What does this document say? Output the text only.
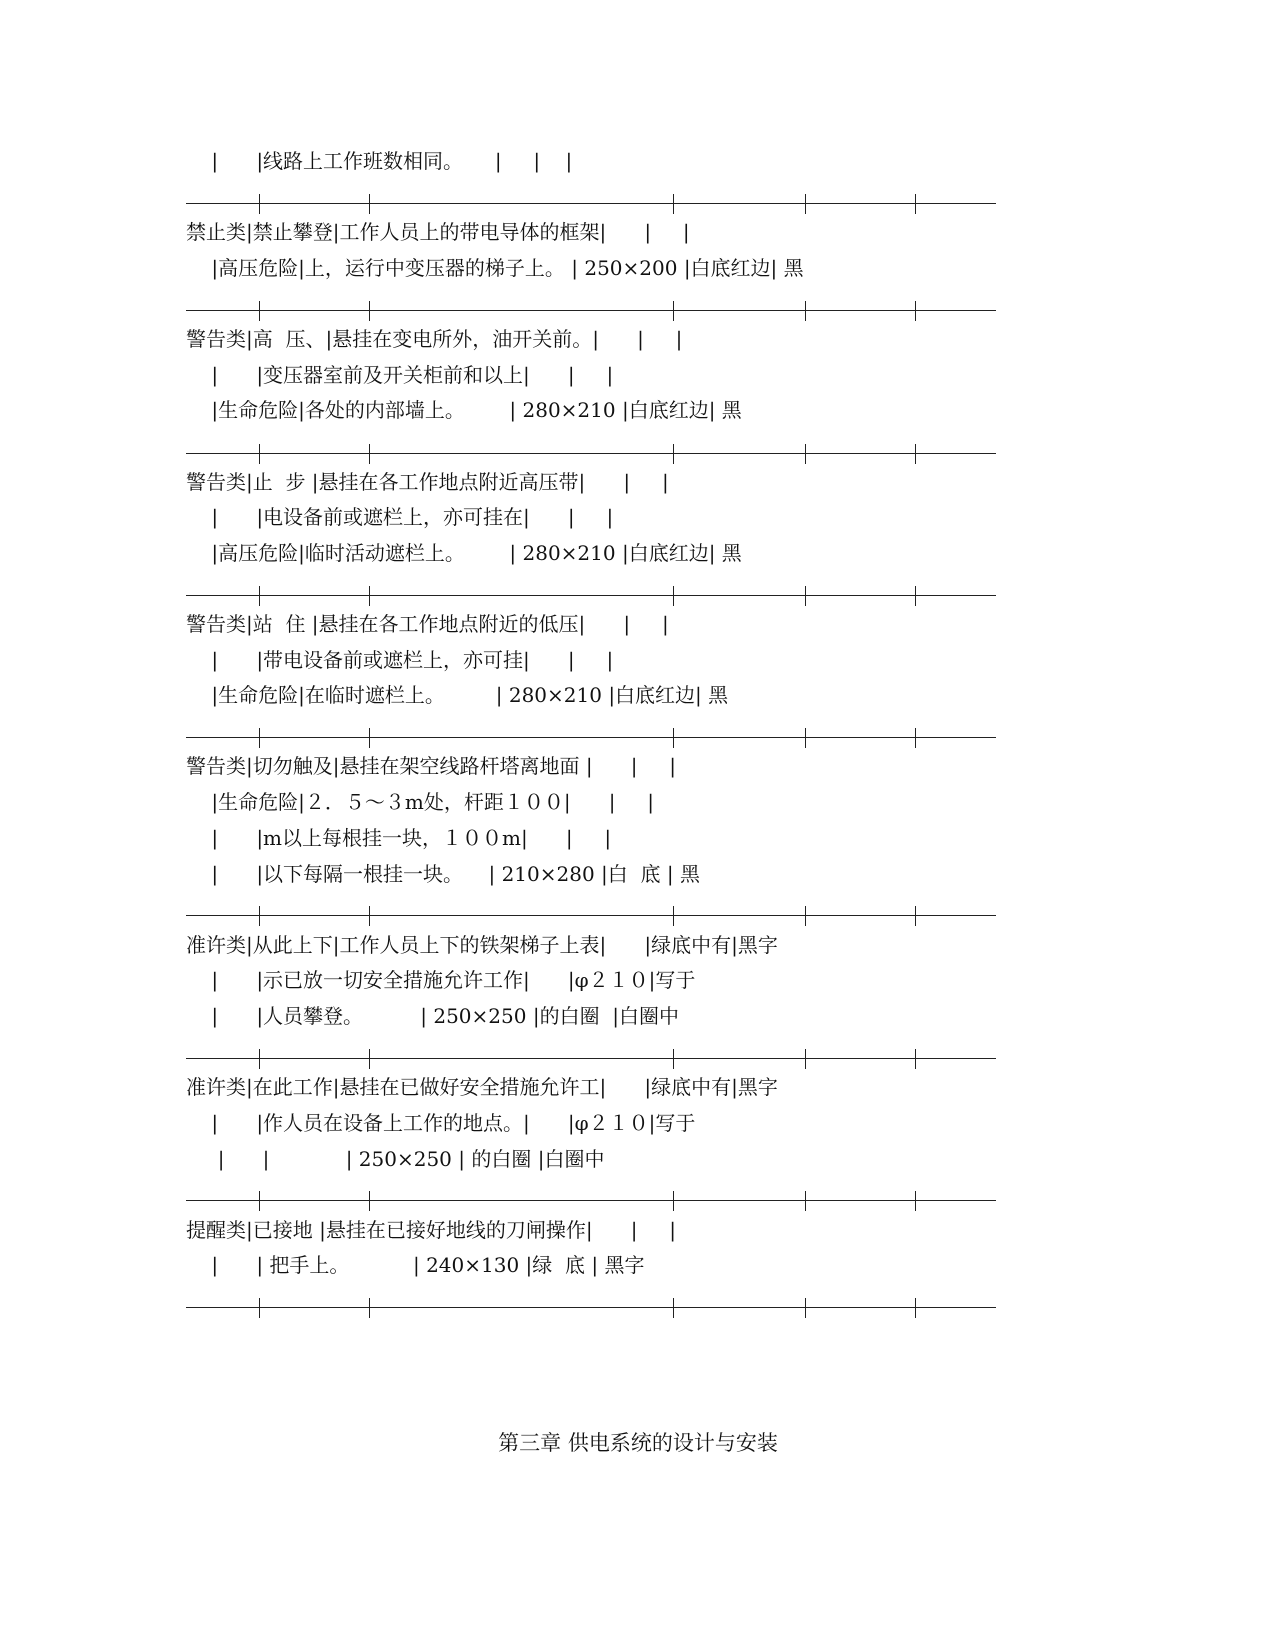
|      |线路上工作班数相同。     |     |    |
禁止类|禁止攀登|工作人员上的带电导体的框架|      |     |
|高压危险|上，运行中变压器的梯子上。 | 250×200 |白底红边| 黑
警告类|高  压、|悬挂在变电所外，油开关前。|      |     |
|      |变压器室前及开关柜前和以上|      |     |
|生命危险|各处的内部墙上。       | 280×210 |白底红边| 黑
警告类|止  步 |悬挂在各工作地点附近高压带|      |     |
|      |电设备前或遮栏上，亦可挂在|      |     |
|高压危险|临时活动遮栏上。       | 280×210 |白底红边| 黑
警告类|站  住 |悬挂在各工作地点附近的低压|      |     |
|      |带电设备前或遮栏上，亦可挂|      |     |
|生命危险|在临时遮栏上。        | 280×210 |白底红边| 黑
警告类|切勿触及|悬挂在架空线路杆塔离地面 |      |     |
|生命危险|２．５～３m处，杆距１００|      |     |
|      |m以上每根挂一块，１００m|      |     |
|      |以下每隔一根挂一块。    | 210×280 |白  底 | 黑
准许类|从此上下|工作人员上下的铁架梯子上表|      |绿底中有|黑字
|      |示已放一切安全措施允许工作|      |φ２１０|写于
|      |人员攀登。         | 250×250 |的白圈  |白圈中
准许类|在此工作|悬挂在已做好安全措施允许工|      |绿底中有|黑字
|      |作人员在设备上工作的地点。|      |φ２１０|写于
|      |            | 250×250 | 的白圈 |白圈中
提醒类|已接地 |悬挂在已接好地线的刀闸操作|      |     |
|      | 把手上。          | 240×130 |绿  底 | 黑字
第三章 供电系统的设计与安装
